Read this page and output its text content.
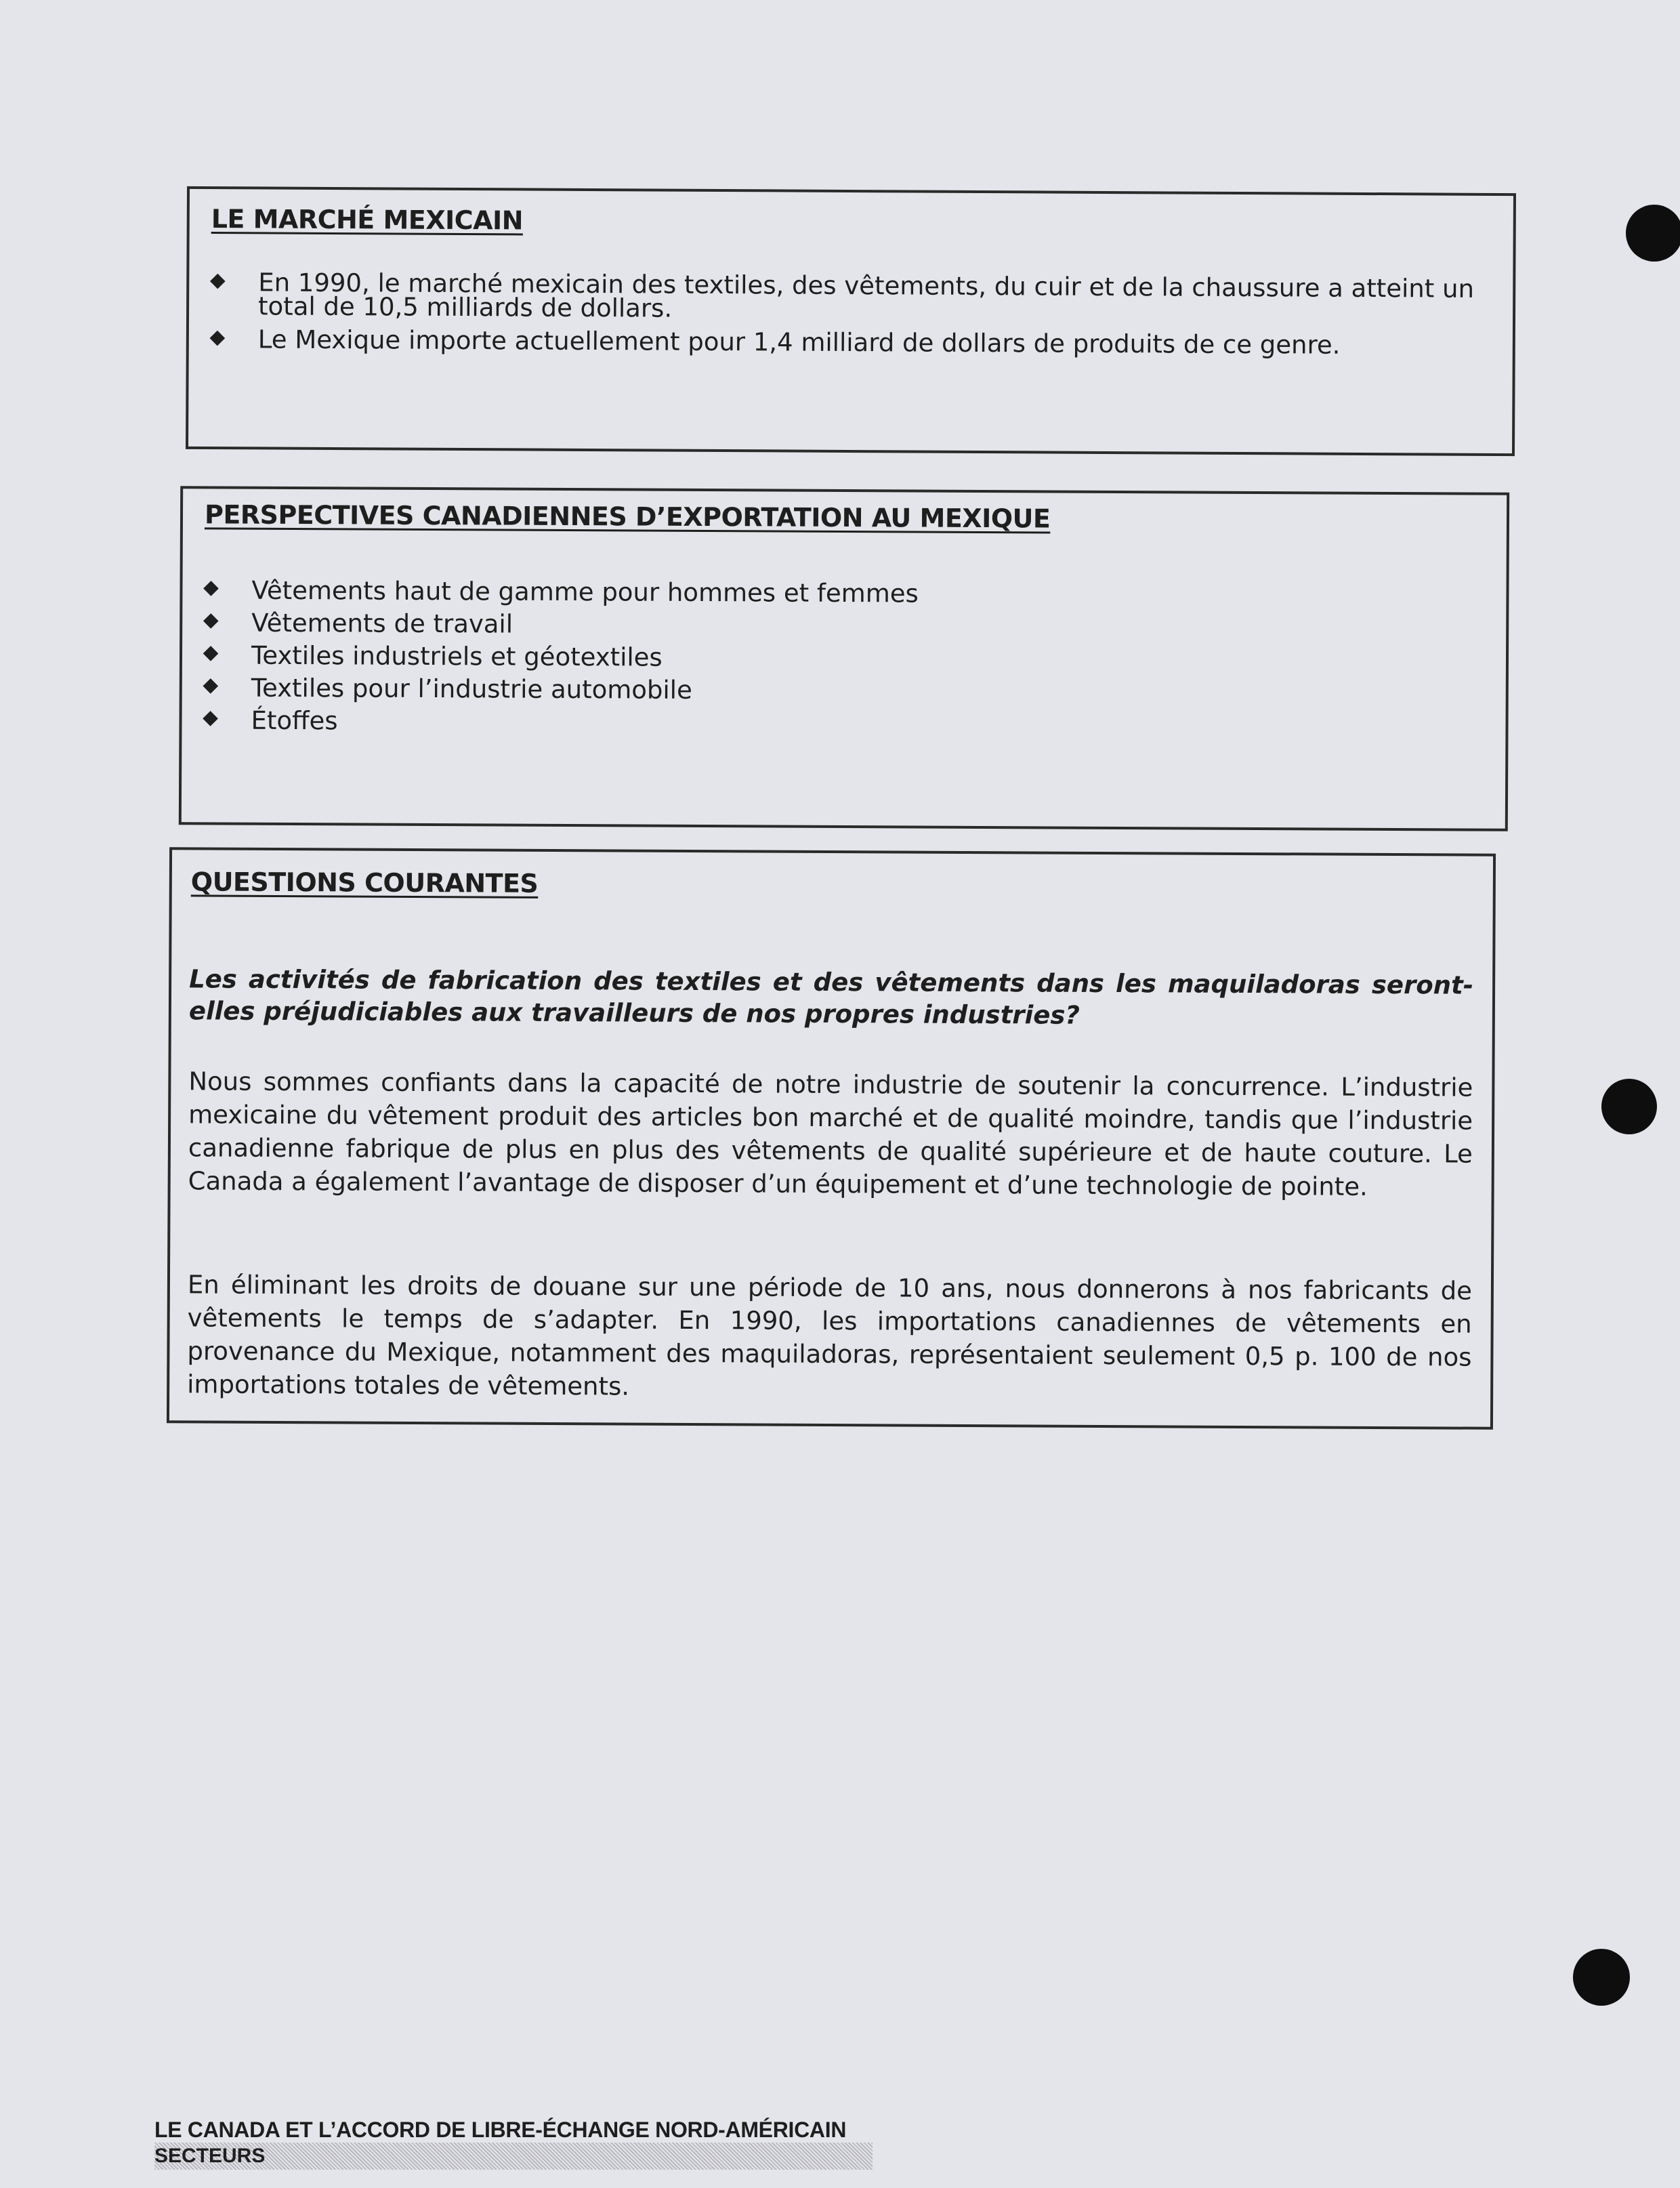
LE MARCHÉ MEXICAIN
En 1990, le marché mexicain des textiles, des vêtements, du cuir et de la chaussure a atteint un total de 10,5 milliards de dollars.
Le Mexique importe actuellement pour 1,4 milliard de dollars de produits de ce genre.
PERSPECTIVES CANADIENNES D’EXPORTATION AU MEXIQUE
Vêtements haut de gamme pour hommes et femmes
Vêtements de travail
Textiles industriels et géotextiles
Textiles pour l’industrie automobile
Étoffes
QUESTIONS COURANTES

Les activités de fabrication des textiles et des vêtements dans les maquiladoras seront-elles préjudiciables aux travailleurs de nos propres industries?

Nous sommes confiants dans la capacité de notre industrie de soutenir la concurrence. L’industrie mexicaine du vêtement produit des articles bon marché et de qualité moindre, tandis que l’industrie canadienne fabrique de plus en plus des vêtements de qualité supérieure et de haute couture. Le Canada a également l’avantage de disposer d’un équipement et d’une technologie de pointe.

En éliminant les droits de douane sur une période de 10 ans, nous donnerons à nos fabricants de vêtements le temps de s’adapter. En 1990, les importations canadiennes de vêtements en provenance du Mexique, notamment des maquiladoras, représentaient seulement 0,5 p. 100 de nos importations totales de vêtements.

LE CANADA ET L’ACCORD DE LIBRE-ÉCHANGE NORD-AMÉRICAIN
SECTEURS
